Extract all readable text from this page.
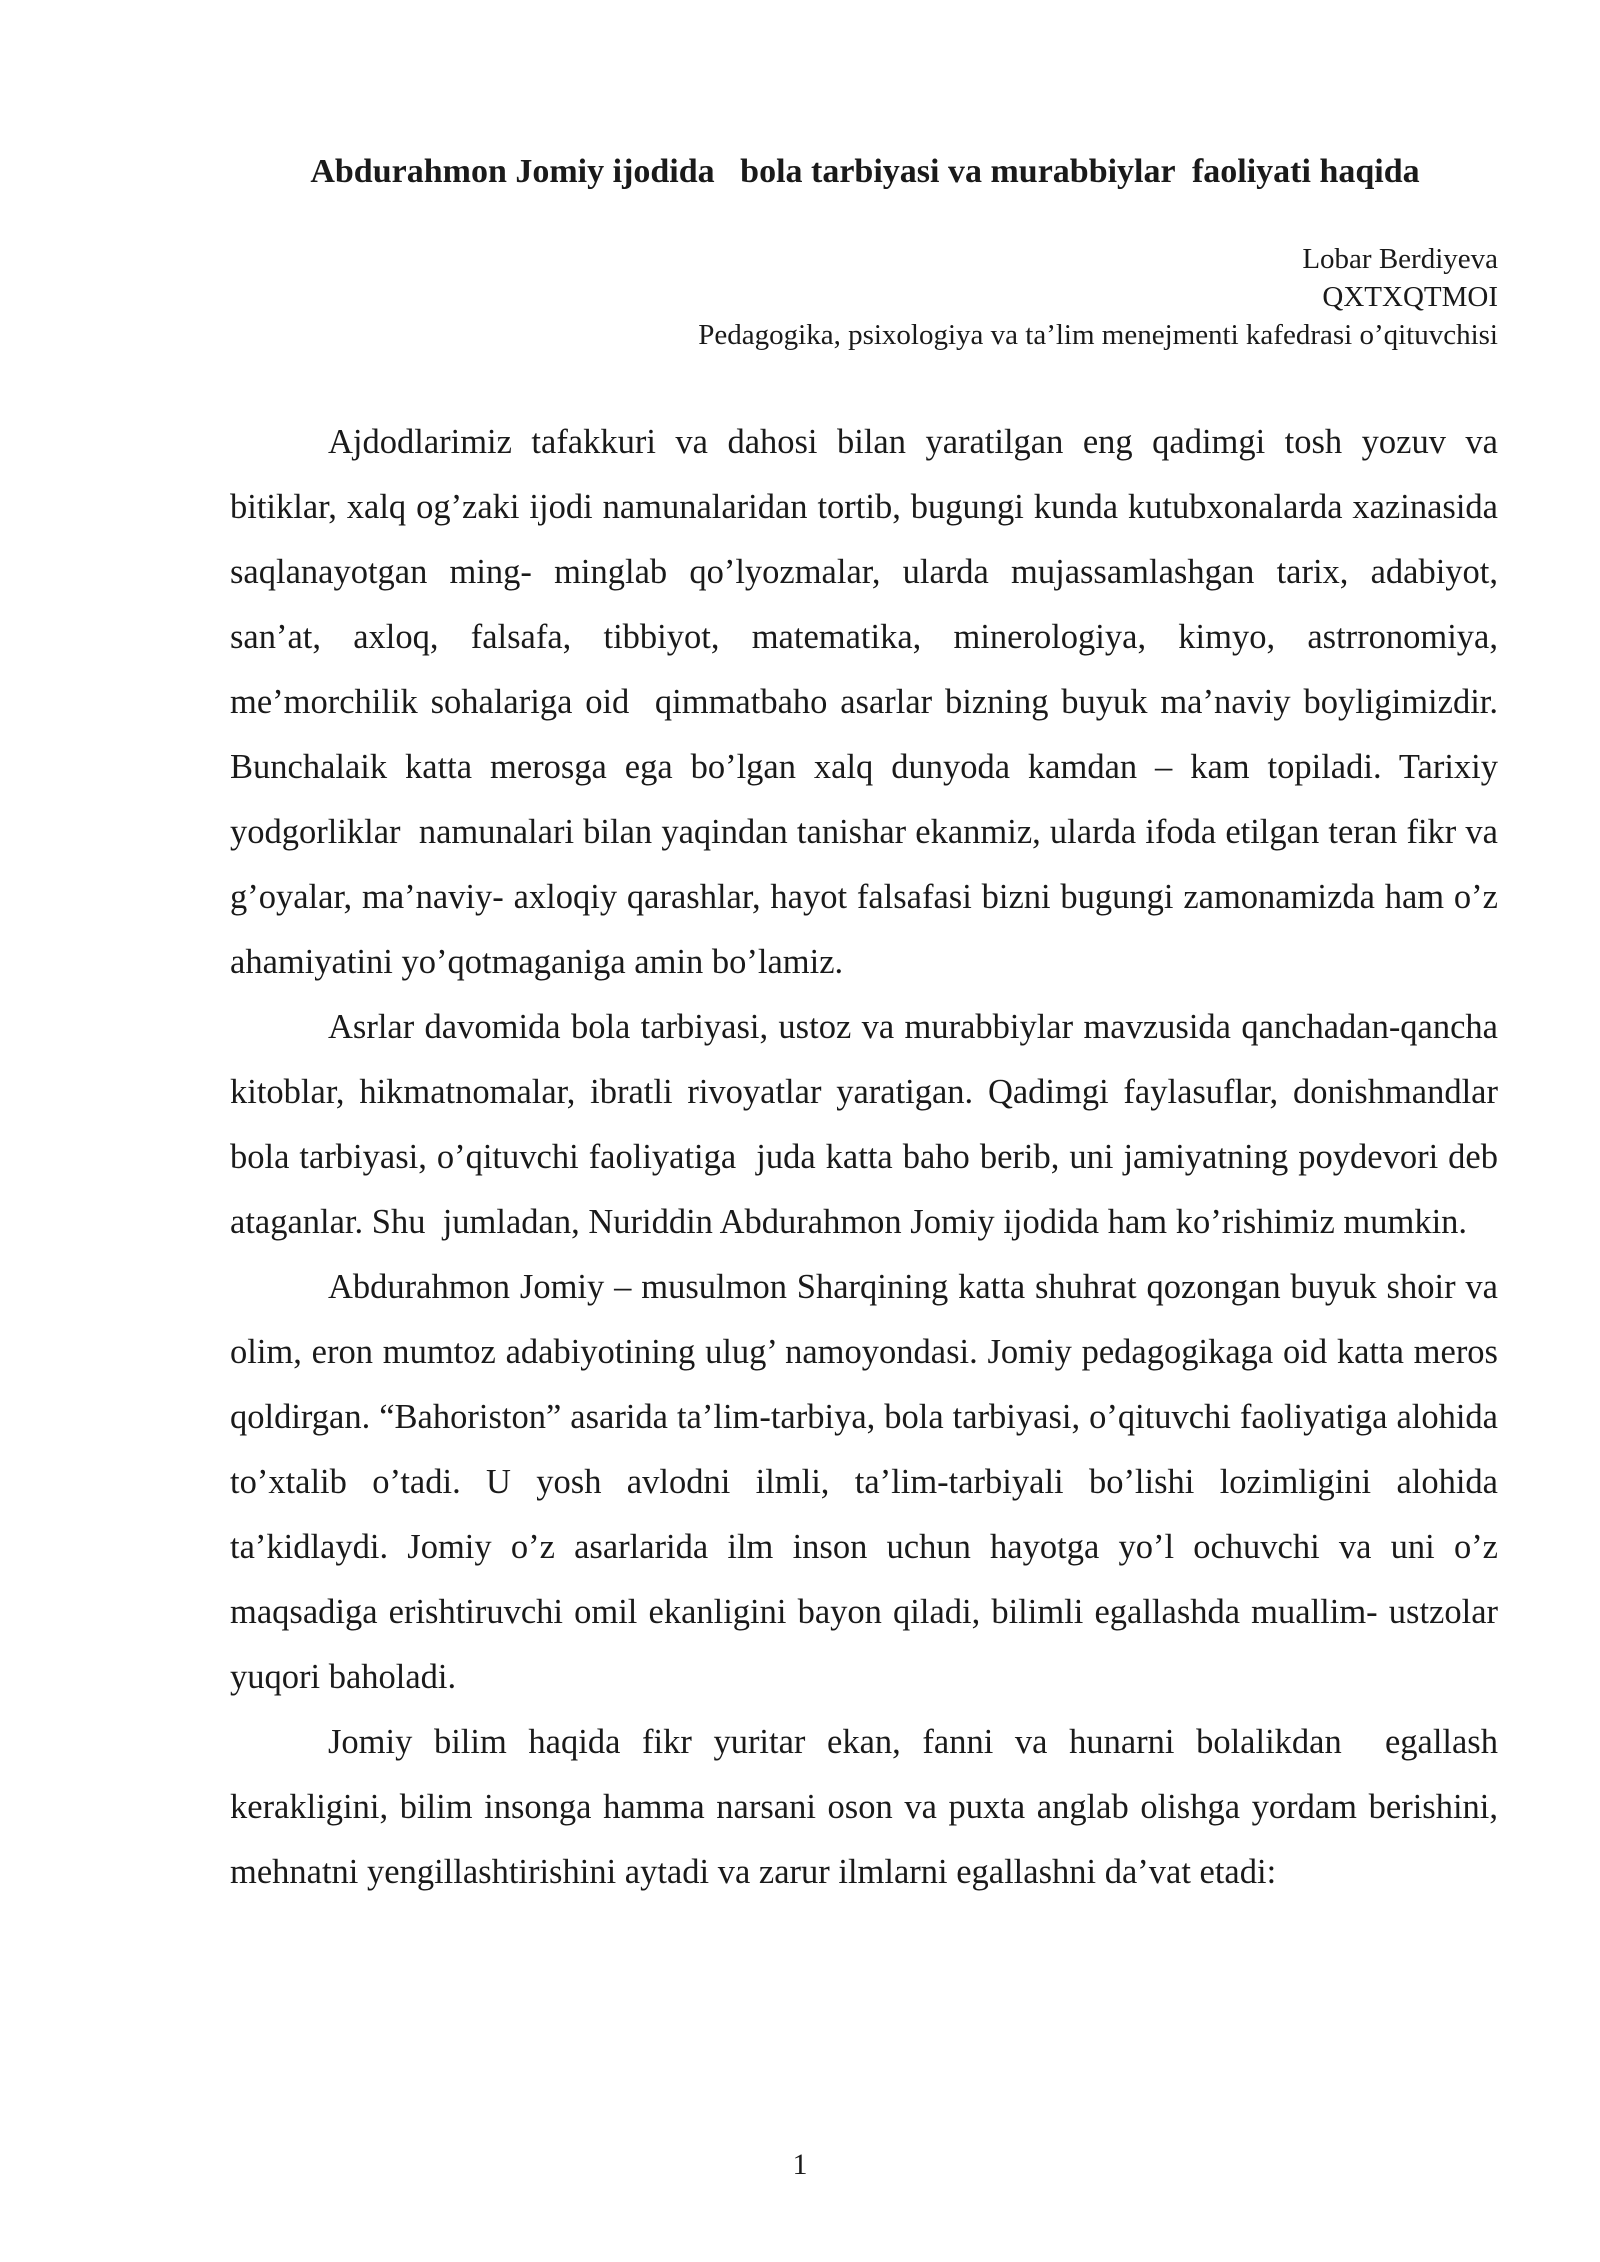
Abdurahmon Jomiy ijodida   bola tarbiyasi va murabbiylar  faoliyati haqida
Lobar Berdiyeva
QXTXQTMOI
Pedagogika, psixologiya va ta’lim menejmenti kafedrasi o’qituvchisi

Ajdodlarimiz tafakkuri va dahosi bilan yaratilgan eng qadimgi tosh yozuv va bitiklar, xalq og’zaki ijodi namunalaridan tortib, bugungi kunda kutubxonalarda xazinasida saqlanayotgan ming- minglab qo’lyozmalar, ularda mujassamlashgan tarix, adabiyot, san’at, axloq, falsafa, tibbiyot, matematika, minerologiya, kimyo, astrronomiya, me’morchilik sohalariga oid  qimmatbaho asarlar bizning buyuk ma’naviy boyligimizdir.  Bunchalaik katta merosga ega bo’lgan xalq dunyoda kamdan – kam topiladi. Tarixiy yodgorliklar  namunalari bilan yaqindan tanishar ekanmiz, ularda ifoda etilgan teran fikr va g’oyalar, ma’naviy- axloqiy qarashlar, hayot falsafasi bizni bugungi zamonamizda ham o’z ahamiyatini yo’qotmaganiga amin bo’lamiz.

Asrlar davomida bola tarbiyasi, ustoz va murabbiylar mavzusida qanchadan-qancha kitoblar, hikmatnomalar, ibratli rivoyatlar yaratigan. Qadimgi faylasuflar, donishmandlar bola tarbiyasi, o’qituvchi faoliyatiga  juda katta baho berib, uni jamiyatning poydevori deb ataganlar. Shu  jumladan, Nuriddin Abdurahmon Jomiy ijodida ham ko’rishimiz mumkin.

Abdurahmon Jomiy – musulmon Sharqining katta shuhrat qozongan buyuk shoir va olim, eron mumtoz adabiyotining ulug’ namoyondasi. Jomiy pedagogikaga oid katta meros qoldirgan. “Bahoriston” asarida ta’lim-tarbiya, bola tarbiyasi, o’qituvchi faoliyatiga alohida to’xtalib o’tadi. U yosh avlodni ilmli, ta’lim-tarbiyali bo’lishi lozimligini alohida ta’kidlaydi. Jomiy o’z asarlarida ilm inson uchun hayotga yo’l ochuvchi va uni o’z maqsadiga erishtiruvchi omil ekanligini bayon qiladi, bilimli egallashda muallim- ustzolar yuqori baholadi.

Jomiy bilim haqida fikr yuritar ekan, fanni va hunarni bolalikdan  egallash kerakligini, bilim insonga hamma narsani oson va puxta anglab olishga yordam berishini, mehnatni yengillashtirishini aytadi va zarur ilmlarni egallashni da’vat etadi:

1
